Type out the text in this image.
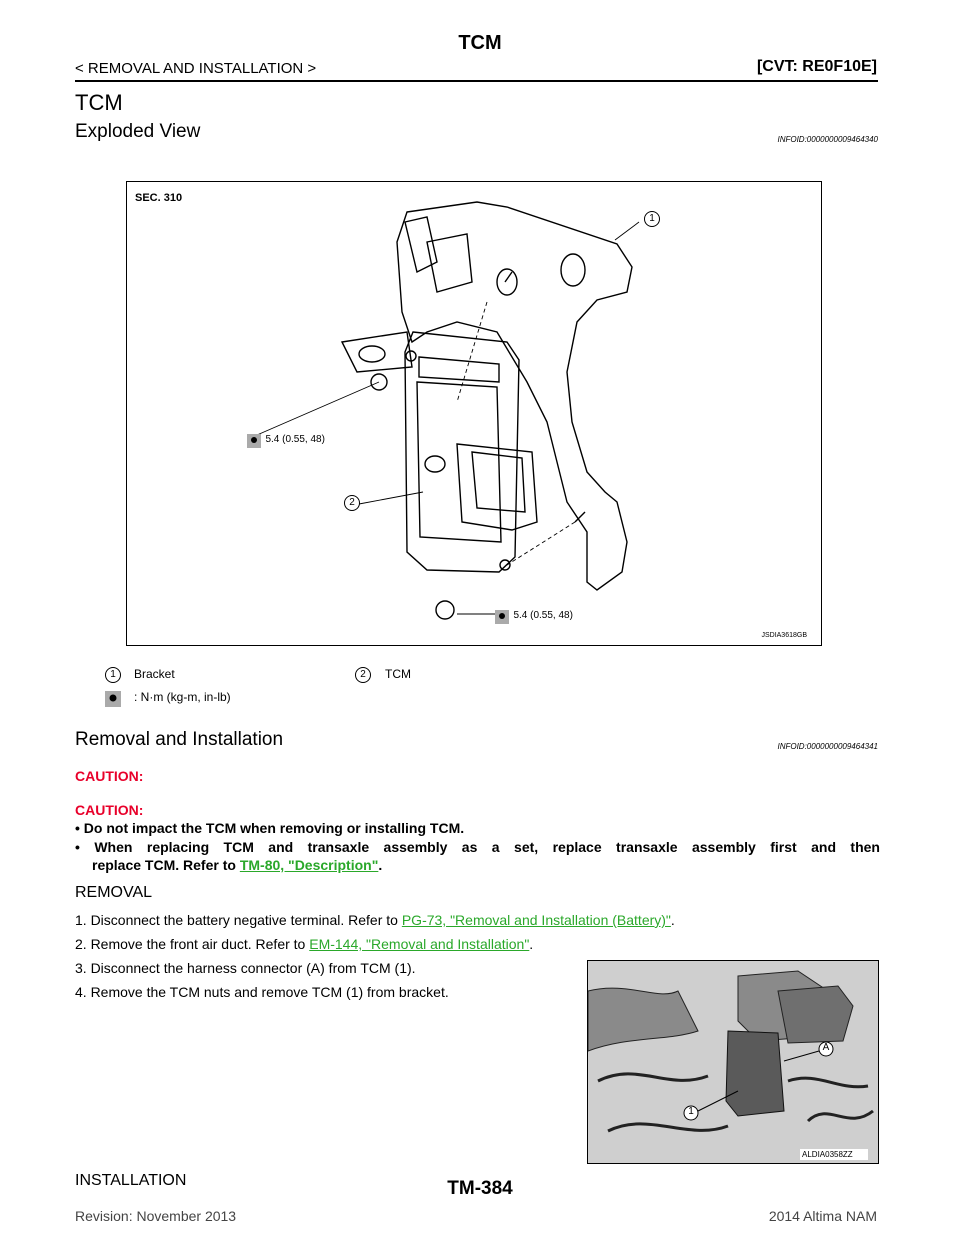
TCM
< REMOVAL AND INSTALLATION >	[CVT: RE0F10E]
TCM
Exploded View	INFOID:0000000009464340
SEC. 310
1
2
$^{5.4 (0.55, 48)}$
$^{5.4 (0.55, 48)}$
JSDIA3618GB
1	Bracket	2	TCM
: N·m (kg-m, in-lb)
Removal and Installation	INFOID:0000000009464341
CAUTION:
CAUTION:
• Do not impact the TCM when removing or installing TCM.
• When replacing TCM and transaxle assembly as a set, replace transaxle assembly first and then
replace TCM. Refer to TM-80, "Description".
REMOVAL
1. Disconnect the battery negative terminal. Refer to PG-73, "Removal and Installation (Battery)".
2. Remove the front air duct. Refer to EM-144, "Removal and Installation".
3. Disconnect the harness connector (A) from TCM (1).
4. Remove the TCM nuts and remove TCM (1) from bracket.
A
1
ALDIA0358ZZ
INSTALLATION
Revision: November 2013
TM-384
2014 Altima NAM
